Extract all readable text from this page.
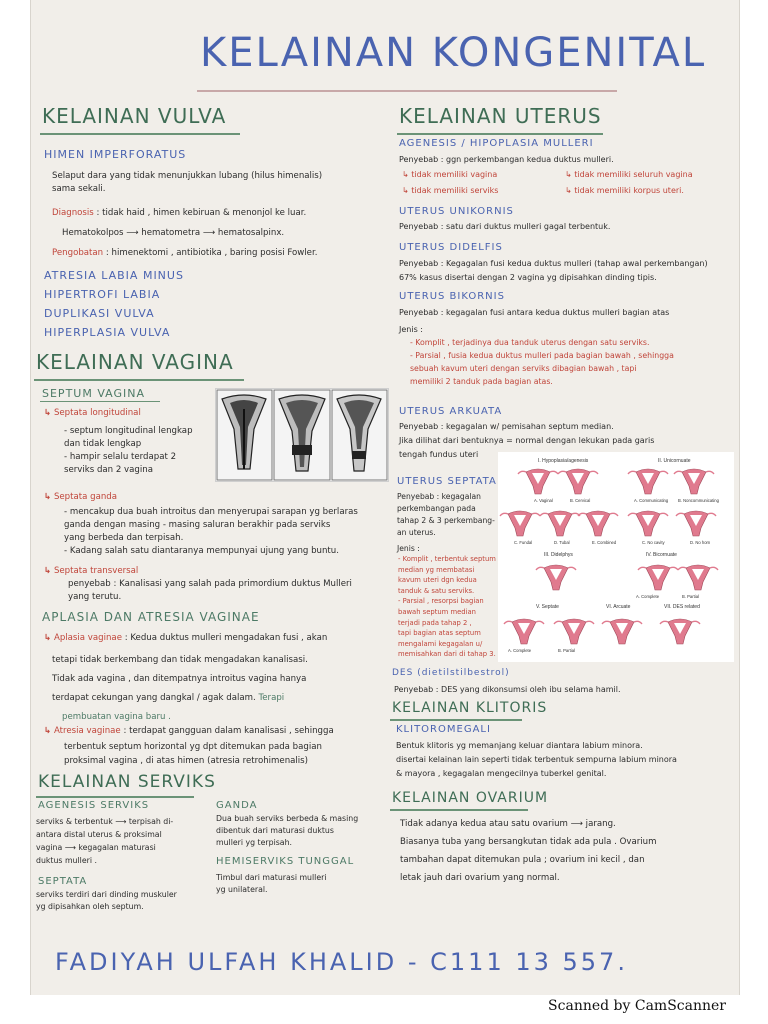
KELAINAN KONGENITAL
KELAINAN VULVA
HIMEN IMPERFORATUS
Selaput dara yang tidak menunjukkan lubang (hilus himenalis)
sama sekali.
Diagnosis : tidak haid , himen kebiruan & menonjol ke luar.
Hematokolpos ⟶ hematometra ⟶ hematosalpinx.
Pengobatan : himenektomi , antibiotika , baring posisi Fowler.
ATRESIA LABIA MINUS
HIPERTROFI LABIA
DUPLIKASI VULVA
HIPERPLASIA VULVA
KELAINAN VAGINA
SEPTUM VAGINA
↳ Septata longitudinal
- septum longitudinal lengkap
dan tidak lengkap
- hampir selalu terdapat 2
serviks dan 2 vagina
↳ Septata ganda
- mencakup dua buah introitus dan menyerupai sarapan yg berlaras
ganda dengan masing - masing saluran berakhir pada serviks
yang berbeda dan terpisah.
- Kadang salah satu diantaranya mempunyai ujung yang buntu.
↳ Septata transversal
penyebab : Kanalisasi yang salah pada primordium duktus Mulleri
yang terutu.
APLASIA DAN ATRESIA VAGINAE
↳ Aplasia vaginae : Kedua duktus mulleri mengadakan fusi , akan
tetapi tidak berkembang dan tidak mengadakan kanalisasi.
Tidak ada vagina , dan ditempatnya introitus vagina hanya
terdapat cekungan yang dangkal / agak dalam. Terapi
pembuatan vagina baru .
↳ Atresia vaginae : terdapat gangguan dalam kanalisasi , sehingga
terbentuk septum horizontal yg dpt ditemukan pada bagian
proksimal vagina , di atas himen (atresia retrohimenalis)
KELAINAN SERVIKS
AGENESIS SERVIKS
serviks & terbentuk ⟶ terpisah di-
antara distal uterus & proksimal
vagina ⟶ kegagalan maturasi
duktus mulleri .
SEPTATA
serviks terdiri dari dinding muskuler
yg dipisahkan oleh septum.
GANDA
Dua buah serviks berbeda & masing
dibentuk dari maturasi duktus
mulleri yg terpisah.
HEMISERVIKS TUNGGAL
Timbul dari maturasi mulleri
yg unilateral.
KELAINAN UTERUS
AGENESIS / HIPOPLASIA MULLERI
Penyebab : ggn perkembangan kedua duktus mulleri.
↳ tidak memiliki vagina
↳ tidak memiliki serviks
↳ tidak memiliki seluruh vagina
↳ tidak memiliki korpus uteri.
UTERUS UNIKORNIS
Penyebab : satu dari duktus mulleri gagal terbentuk.
UTERUS DIDELFIS
Penyebab : Kegagalan fusi kedua duktus mulleri (tahap awal perkembangan)
67% kasus disertai dengan 2 vagina yg dipisahkan dinding tipis.
UTERUS BIKORNIS
Penyebab : kegagalan fusi antara kedua duktus mulleri bagian atas
Jenis :
- Komplit , terjadinya dua tanduk uterus dengan satu serviks.
- Parsial , fusia kedua duktus mulleri pada bagian bawah , sehingga
sebuah kavum uteri dengan serviks dibagian bawah , tapi
memiliki 2 tanduk pada bagian atas.
UTERUS ARKUATA
Penyebab : kegagalan w/ pemisahan septum median.
Jika dilihat dari bentuknya = normal dengan lekukan pada garis
tengah fundus uteri
UTERUS SEPTATA
Penyebab : kegagalan
perkembangan pada
tahap 2 & 3 perkembang-
an uterus.
Jenis :
- Komplit , terbentuk septum
median yg membatasi
kavum uteri dgn kedua
tanduk & satu serviks.
- Parsial , resorpsi bagian
bawah septum median
terjadi pada tahap 2 ,
tapi bagian atas septum
mengalami kegagalan u/
memisahkan dari di tahap 3.
I. Hypoplasia/agenesis	II. Unicornuate
A. Vaginal	B. Cervical	A. Communicating B. Noncommunicating
C. Fundal	D. Tubal	E. Combined	C. No cavity	D. No horn
III. Didelphys	IV. Bicornuate
A. Complete	B. Partial
V. Septate	VI. Arcuate	VII. DES related
A. Complete	B. Partial
DES (dietilstilbestrol)
Penyebab : DES yang dikonsumsi oleh ibu selama hamil.
KELAINAN KLITORIS
KLITOROMEGALI
Bentuk klitoris yg memanjang keluar diantara labium minora.
disertai kelainan lain seperti tidak terbentuk sempurna labium minora
& mayora , kegagalan mengecilnya tuberkel genital.
KELAINAN OVARIUM
Tidak adanya kedua atau satu ovarium ⟶ jarang.
Biasanya tuba yang bersangkutan tidak ada pula . Ovarium
tambahan dapat ditemukan pula ; ovarium ini kecil , dan
letak jauh dari ovarium yang normal.
FADIYAH ULFAH KHALID - C111 13 557.
Scanned by CamScanner
